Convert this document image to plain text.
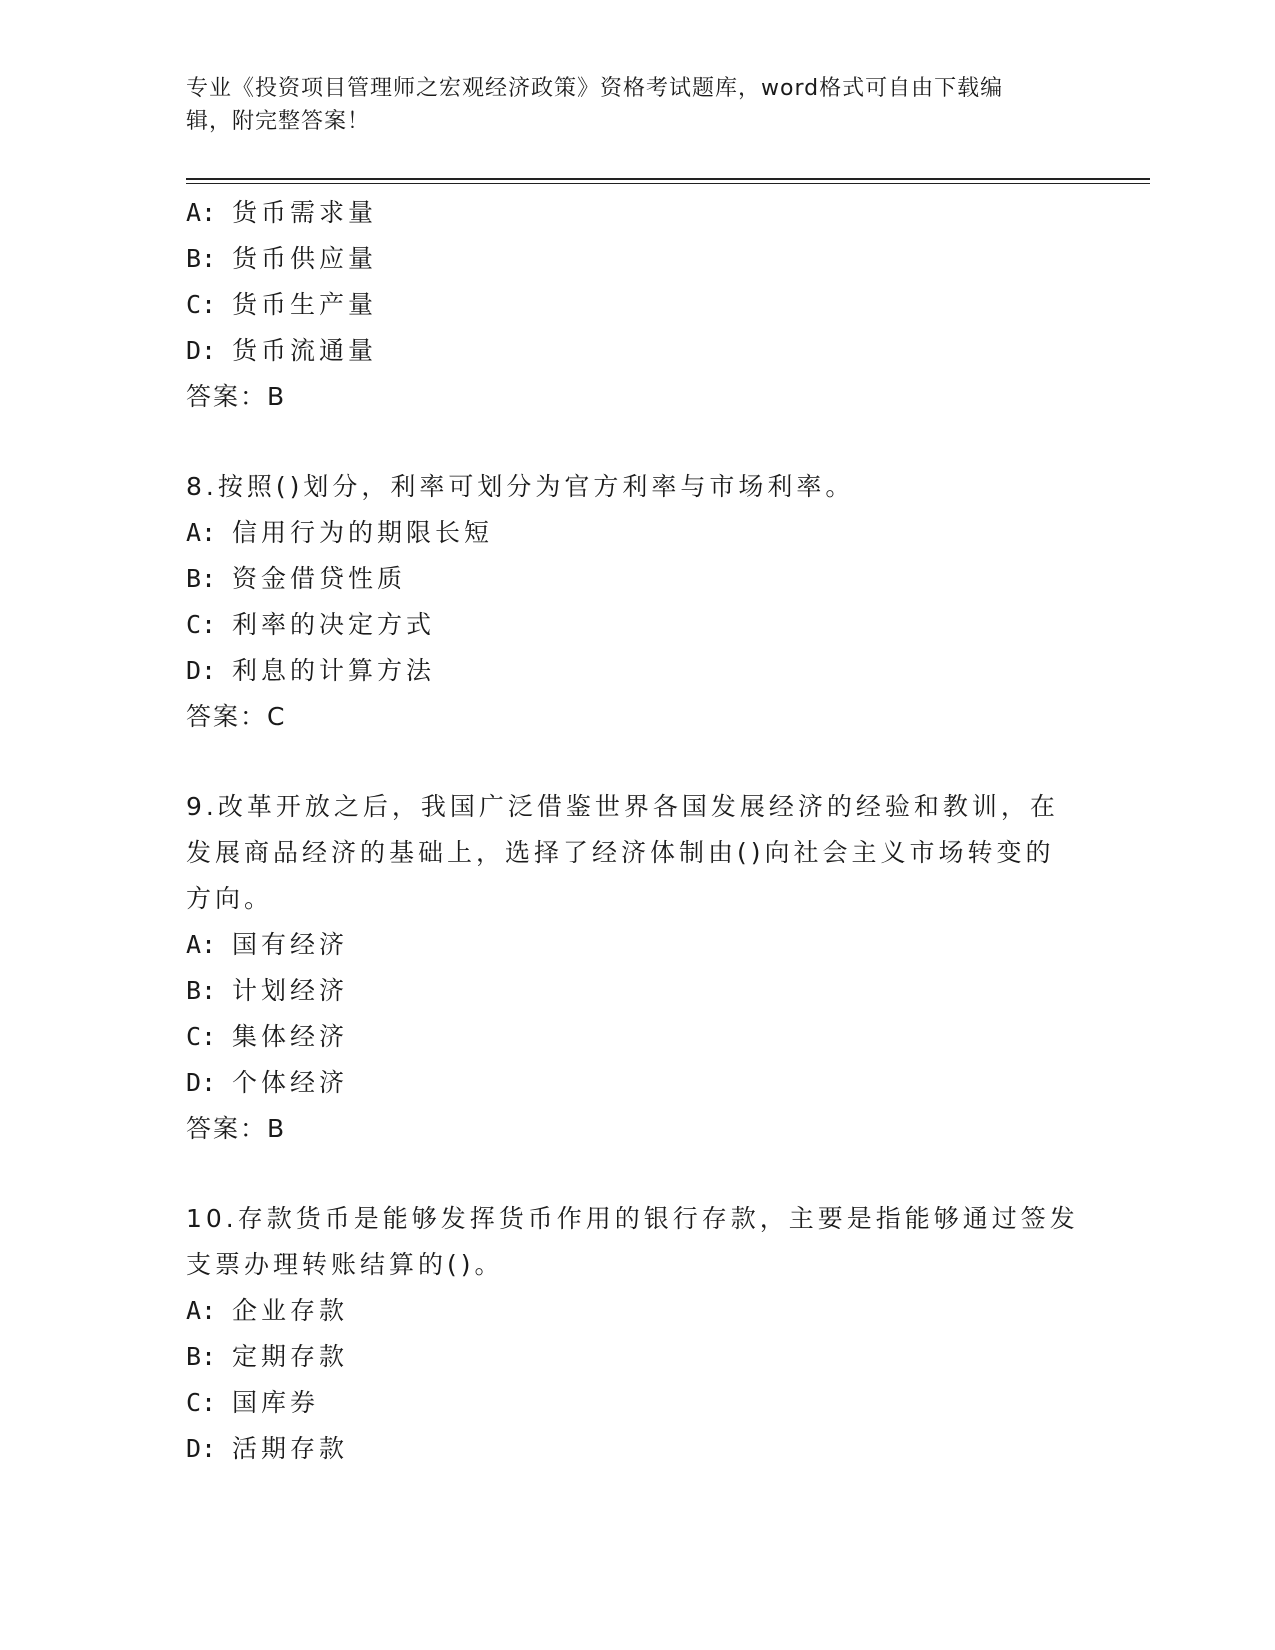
专业《投资项目管理师之宏观经济政策》资格考试题库，word格式可自由下载编
辑，附完整答案！
A: 货币需求量
B: 货币供应量
C: 货币生产量
D: 货币流通量
答案：B
8.按照()划分，利率可划分为官方利率与市场利率。
A: 信用行为的期限长短
B: 资金借贷性质
C: 利率的决定方式
D: 利息的计算方法
答案：C
9.改革开放之后，我国广泛借鉴世界各国发展经济的经验和教训，在
发展商品经济的基础上，选择了经济体制由()向社会主义市场转变的
方向。
A: 国有经济
B: 计划经济
C: 集体经济
D: 个体经济
答案：B
10.存款货币是能够发挥货币作用的银行存款，主要是指能够通过签发
支票办理转账结算的()。
A: 企业存款
B: 定期存款
C: 国库券
D: 活期存款
